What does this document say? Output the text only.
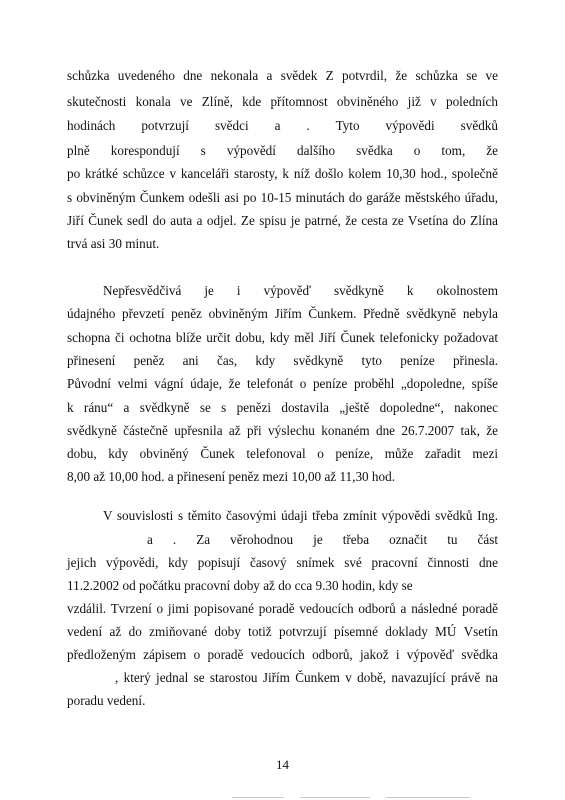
schůzka uvedeného dne nekonala a svědek Z potvrdil, že schůzka se ve
skutečnosti konala ve Zlíně, kde přítomnost obviněného již v poledních
hodinách potvrzují svědci a . Tyto výpovědi svědků
plně korespondují s výpovědí dalšího svědka o tom, že
po krátké schůzce v kanceláři starosty, k níž došlo kolem 10,30 hod., společně
s obviněným Čunkem odešli asi po 10-15 minutách do garáže městského úřadu,
Jiří Čunek sedl do auta a odjel. Ze spisu je patrné, že cesta ze Vsetína do Zlína
trvá asi 30 minut.
Nepřesvědčivá je i výpověď svědkyně k okolnostem
údajného převzetí peněz obviněným Jiřím Čunkem. Předně svědkyně nebyla
schopna či ochotna blíže určit dobu, kdy měl Jiří Čunek telefonicky požadovat
přinesení peněz ani čas, kdy svědkyně tyto peníze přinesla.
Původní velmi vágní údaje, že telefonát o peníze proběhl „dopoledne, spíše
k ránu“ a svědkyně se s penězi dostavila „ještě dopoledne“, nakonec
svědkyně částečně upřesnila až při výslechu konaném dne 26.7.2007 tak, že
dobu, kdy obviněný Čunek telefonoval o peníze, může zařadit mezi
8,00 až 10,00 hod. a přinesení peněz mezi 10,00 až 11,30 hod.
V souvislosti s těmito časovými údaji třeba zmínit výpovědi svědků Ing.
a . Za věrohodnou je třeba označit tu část
jejich výpovědi, kdy popisují časový snímek své pracovní činnosti dne
11.2.2002 od počátku pracovní doby až do cca 9.30 hodin, kdy se
vzdálil. Tvrzení o jimi popisované poradě vedoucích odborů a následné poradě
vedení až do zmiňované doby totiž potvrzují písemné doklady MÚ Vsetín
předloženým zápisem o poradě vedoucích odborů, jakož i výpověď svědka
, který jednal se starostou Jiřím Čunkem v době, navazující právě na
poradu vedení.
14
